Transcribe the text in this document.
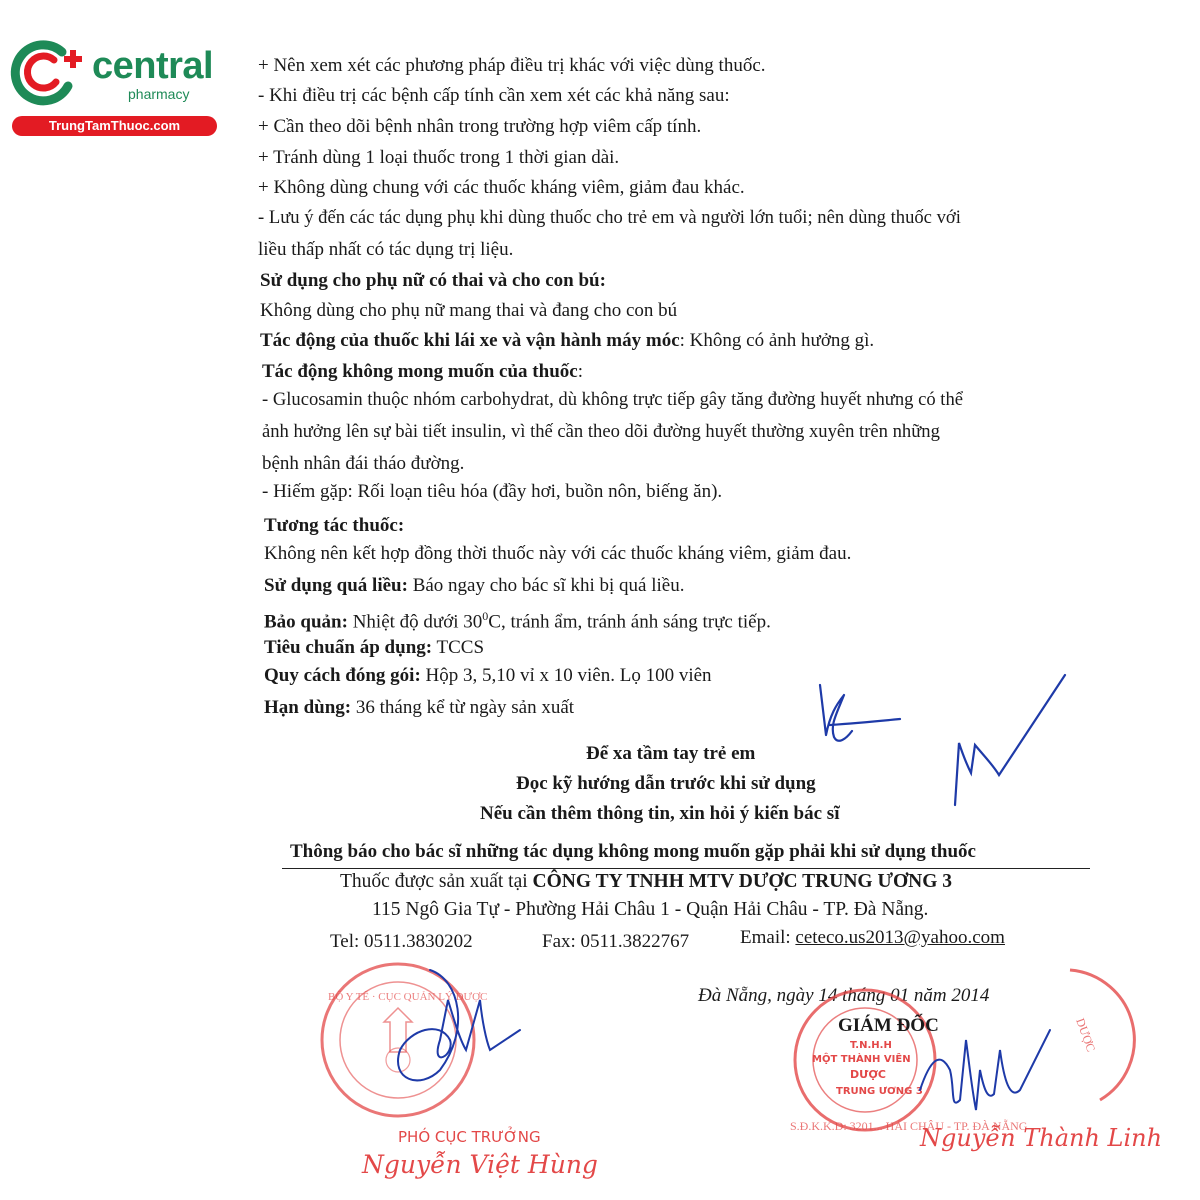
central
pharmacy
TrungTamThuoc.com
+ Nên xem xét các phương pháp điều trị khác với việc dùng thuốc.
- Khi điều trị các bệnh cấp tính cần xem xét các khả năng sau:
+ Cần theo dõi bệnh nhân trong trường hợp viêm cấp tính.
+ Tránh dùng 1 loại thuốc trong 1 thời gian dài.
+ Không dùng chung với các thuốc kháng viêm, giảm đau khác.
- Lưu ý đến các tác dụng phụ khi dùng thuốc cho trẻ em và người lớn tuổi; nên dùng thuốc với
liều thấp nhất có tác dụng trị liệu.
Sử dụng cho phụ nữ có thai và cho con bú:
Không dùng cho phụ nữ mang thai và đang cho con bú
Tác động của thuốc khi lái xe và vận hành máy móc: Không có ảnh hưởng gì.
Tác động không mong muốn của thuốc:
- Glucosamin thuộc nhóm carbohydrat, dù không trực tiếp gây tăng đường huyết nhưng có thể
ảnh hưởng lên sự bài tiết insulin, vì thế cần theo dõi đường huyết thường xuyên trên những
bệnh nhân đái tháo đường.
- Hiếm gặp: Rối loạn tiêu hóa (đầy hơi, buồn nôn, biếng ăn).
Tương tác thuốc:
Không nên kết hợp đồng thời thuốc này với các thuốc kháng viêm, giảm đau.
Sử dụng quá liều: Báo ngay cho bác sĩ khi bị quá liều.
Bảo quản: Nhiệt độ dưới $30^0C$, tránh ẩm, tránh ánh sáng trực tiếp.
Tiêu chuẩn áp dụng: TCCS
Quy cách đóng gói: Hộp 3, 5,10 vỉ x 10 viên. Lọ 100 viên
Hạn dùng: 36 tháng kể từ ngày sản xuất
Để xa tầm tay trẻ em
Đọc kỹ hướng dẫn trước khi sử dụng
Nếu cần thêm thông tin, xin hỏi ý kiến bác sĩ
Thông báo cho bác sĩ những tác dụng không mong muốn gặp phải khi sử dụng thuốc
Thuốc được sản xuất tại CÔNG TY TNHH MTV DƯỢC TRUNG ƯƠNG 3
115 Ngô Gia Tự - Phường Hải Châu 1 - Quận Hải Châu - TP. Đà Nẵng.
Tel: 0511.3830202	Fax: 0511.3822767	Email: ceteco.us2013@yahoo.com
Đà Nẵng, ngày 14 tháng 01 năm 2014
BỘ Y TẾ · CỤC QUẢN LÝ DƯỢC
PHÓ CỤC TRƯỞNG
Nguyễn Việt Hùng
S.Đ.K.K.D: 3201... HẢI CHÂU - TP. ĐÀ NẴNG
T.N.H.H
MỘT THÀNH VIÊN
DƯỢC
TRUNG ƯƠNG 3
DƯỢC
GIÁM ĐỐC
Nguyễn Thành Linh
